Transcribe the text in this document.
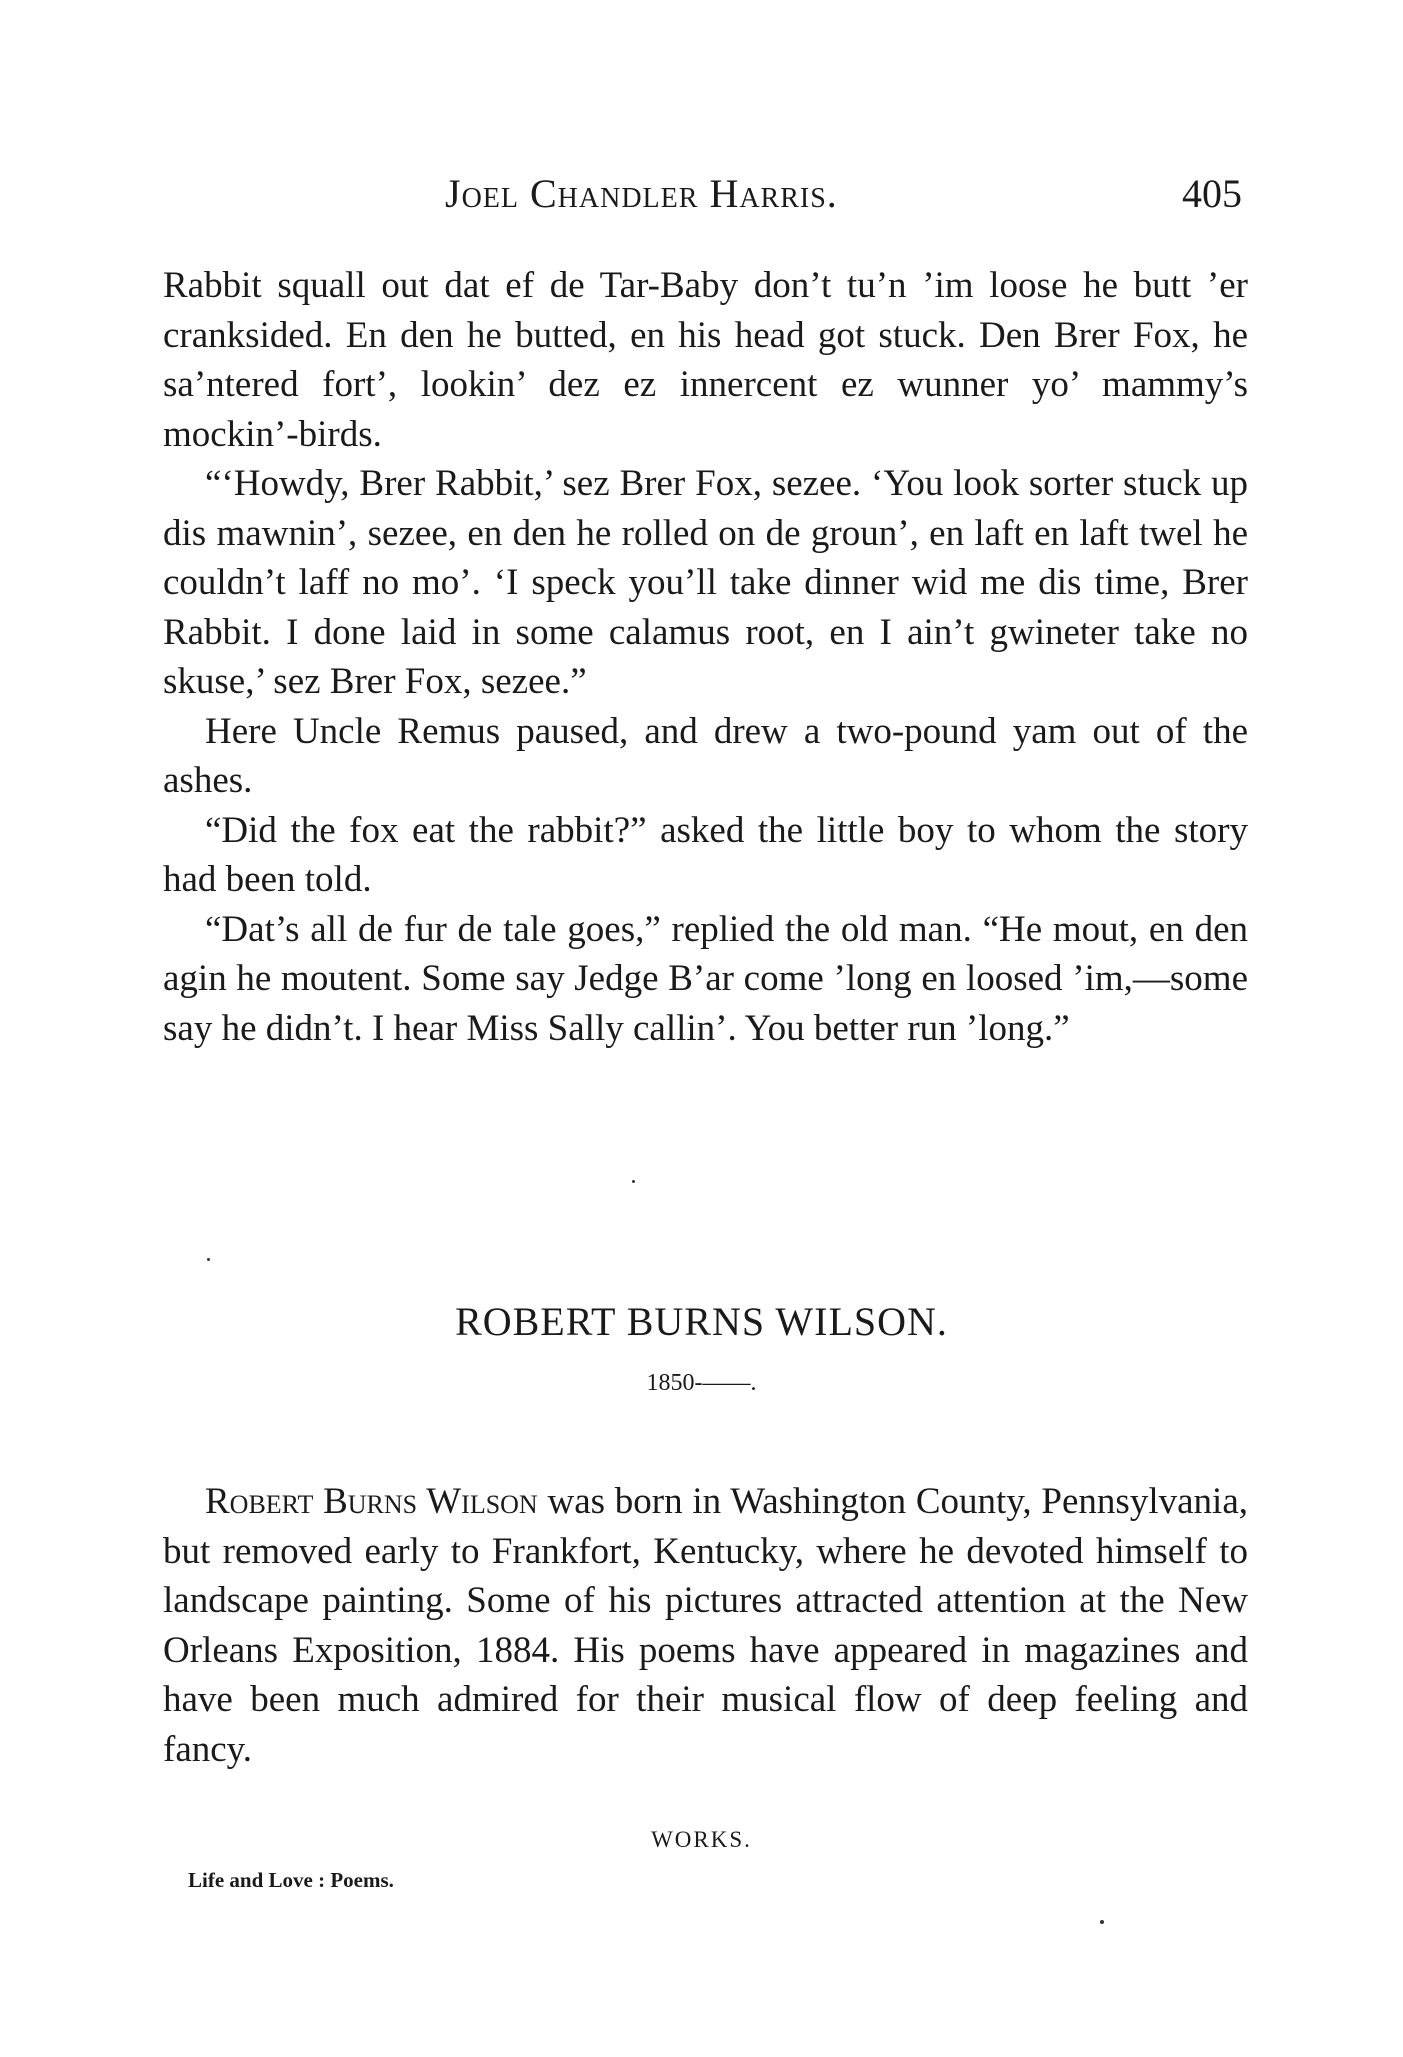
Joel Chandler Harris.	405

Rabbit squall out dat ef de Tar-Baby don’t tu’n ’im loose he butt ’er cranksided. En den he butted, en his head got stuck. Den Brer Fox, he sa’ntered fort’, lookin’ dez ez innercent ez wunner yo’ mammy’s mockin’-birds.

“‘Howdy, Brer Rabbit,’ sez Brer Fox, sezee. ‘You look sorter stuck up dis mawnin’, sezee, en den he rolled on de groun’, en laft en laft twel he couldn’t laff no mo’. ‘I speck you’ll take dinner wid me dis time, Brer Rabbit. I done laid in some calamus root, en I ain’t gwineter take no skuse,’ sez Brer Fox, sezee.”

Here Uncle Remus paused, and drew a two-pound yam out of the ashes.

“Did the fox eat the rabbit?” asked the little boy to whom the story had been told.

“Dat’s all de fur de tale goes,” replied the old man. “He mout, en den agin he moutent. Some say Jedge B’ar come ’long en loosed ’im,—some say he didn’t. I hear Miss Sally callin’. You better run ’long.”

ROBERT BURNS WILSON.
1850-——.

Robert Burns Wilson was born in Washington County, Pennsylvania, but removed early to Frankfort, Kentucky, where he devoted himself to landscape painting. Some of his pictures attracted attention at the New Orleans Exposition, 1884. His poems have appeared in magazines and have been much admired for their musical flow of deep feeling and fancy.

WORKS.
Life and Love : Poems.
